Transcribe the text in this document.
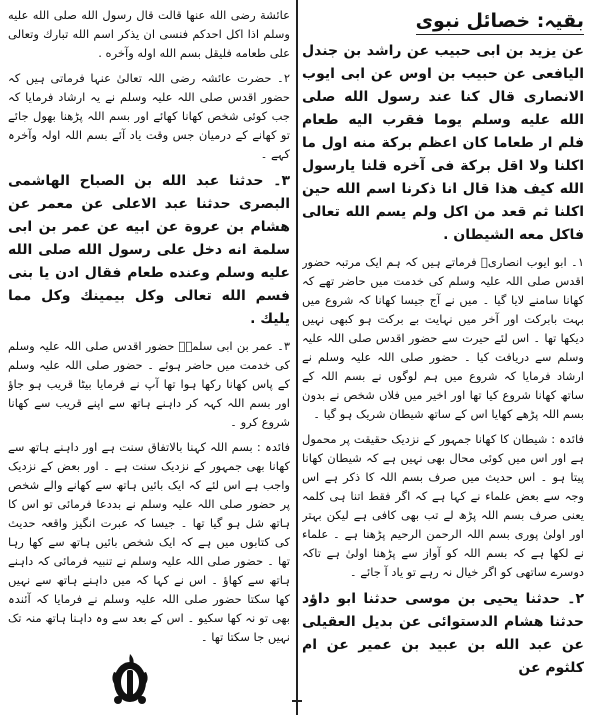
بقیہ: خصائل نبوی

عن يزيد بن ابى حبيب عن راشد بن جندل اليافعى عن حبيب بن اوس عن ابى ايوب الانصارى قال كنا عند رسول الله صلى الله عليه وسلم يوما فقرب اليه طعام فلم ار طعاما كان اعظم بركة منه اول ما اكلنا ولا اقل بركة فى آخره قلنا يارسول الله كيف هذا قال انا ذكرنا اسم الله حين اكلنا ثم قعد من اكل ولم يسم الله تعالى فاكل معه الشيطان .

۱۔ ابو ایوب انصاریؓ فرماتے ہیں کہ ہم ایک مرتبہ حضور اقدس صلی اللہ علیہ وسلم کی خدمت میں حاضر تھے کہ کھانا سامنے لایا گیا ۔ میں نے آج جیسا کھانا کہ شروع میں بہت بابرکت اور آخر میں نہایت بے برکت ہو کبھی نہیں دیکھا تھا ۔ اس لئے حیرت سے حضور اقدس صلی اللہ علیہ وسلم سے دریافت کیا ۔ حضور صلی اللہ علیہ وسلم نے ارشاد فرمایا کہ شروع میں ہم لوگوں نے بسم اللہ کے ساتھ کھانا شروع کیا تھا اور اخیر میں فلاں شخص نے بدون بسم اللہ پڑھے کھایا اس کے ساتھ شیطان شریک ہو گیا ۔

فائدہ : شیطان کا کھانا جمہور کے نزدیک حقیقت پر محمول ہے اور اس میں کوئی محال بھی نہیں ہے کہ شیطان کھانا پیتا ہو ۔ اس حدیث میں صرف بسم اللہ کا ذکر ہے اس وجہ سے بعض علماء نے کہا ہے کہ اگر فقط اتنا ہی کلمہ یعنی صرف بسم اللہ پڑھ لے تب بھی کافی ہے لیکن بہتر اور اولیٰ پوری بسم اللہ الرحمن الرحیم پڑھنا ہے ۔ علماء نے لکھا ہے کہ بسم اللہ کو آواز سے پڑھنا اولیٰ ہے تاکہ دوسرے ساتھی کو اگر خیال نہ رہے تو یاد آ جائے ۔

۲۔ حدثنا يحيى بن موسى حدثنا ابو داؤد حدثنا هشام الدستوائى عن بديل العقيلى عن عبد الله بن عبيد بن عمير عن ام كلثوم عن

عائشة رضى الله عنها قالت قال رسول الله صلى الله عليه وسلم اذا اكل احدكم فنسى ان يذكر اسم الله تبارك وتعالى على طعامه فليقل بسم الله اوله وآخره .

۲۔ حضرت عائشہ رضی اللہ تعالیٰ عنہا فرماتی ہیں کہ حضور اقدس صلی اللہ علیہ وسلم نے یہ ارشاد فرمایا کہ جب کوئی شخص کھانا کھائے اور بسم اللہ پڑھنا بھول جائے تو کھانے کے درمیان جس وقت یاد آئے بسم اللہ اولہ وآخرہ کہے ۔

۳۔ حدثنا عبد الله بن الصباح الهاشمى البصرى حدثنا عبد الاعلى عن معمر عن هشام بن عروة عن ابيه عن عمر بن ابى سلمة انه دخل على رسول الله صلى الله عليه وسلم وعنده طعام فقال ادن يا بنى فسم الله تعالى وكل بيمينك وكل مما يليك .

۳۔ عمر بن ابی سلمہؓ حضور اقدس صلی اللہ علیہ وسلم کی خدمت میں حاضر ہوئے ۔ حضور صلی اللہ علیہ وسلم کے پاس کھانا رکھا ہوا تھا آپ نے فرمایا بیٹا قریب ہو جاؤ اور بسم اللہ کہہ کر داہنے ہاتھ سے اپنے قریب سے کھانا شروع کرو ۔

فائدہ : بسم اللہ کہنا بالاتفاق سنت ہے اور داہنے ہاتھ سے کھانا بھی جمہور کے نزدیک سنت ہے ۔ اور بعض کے نزدیک واجب ہے اس لئے کہ ایک بائیں ہاتھ سے کھانے والے شخص پر حضور صلی اللہ علیہ وسلم نے بددعا فرمائی تو اس کا ہاتھ شل ہو گیا تھا ۔ جیسا کہ عبرت انگیز واقعہ حدیث کی کتابوں میں ہے کہ ایک شخص بائیں ہاتھ سے کھا رہا تھا ۔ حضور صلی اللہ علیہ وسلم نے تنبیہ فرمائی کہ داہنے ہاتھ سے کھاؤ ۔ اس نے کہا کہ میں داہنے ہاتھ سے نہیں کھا سکتا حضور صلی اللہ علیہ وسلم نے فرمایا کہ آئندہ بھی تو نہ کھا سکیو ۔ اس کے بعد سے وہ داہنا ہاتھ منہ تک نہیں جا سکتا تھا ۔
